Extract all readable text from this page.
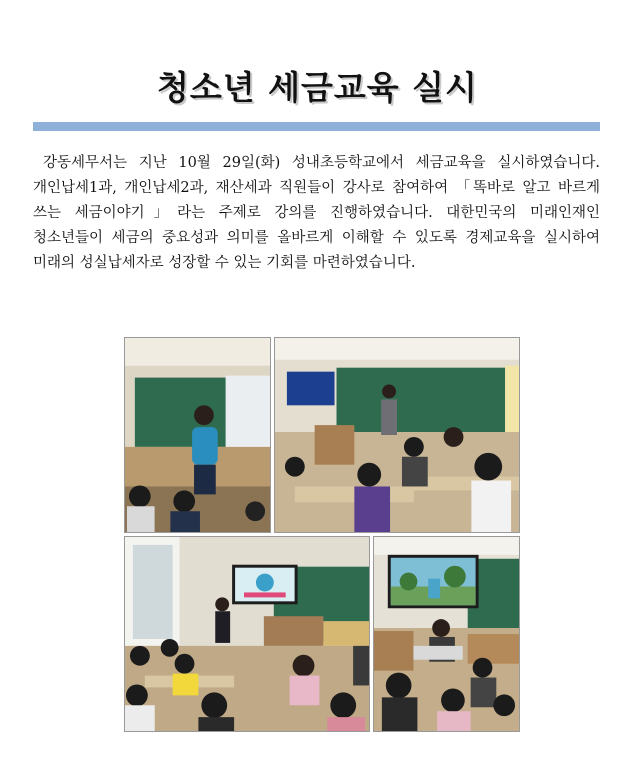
청소년 세금교육 실시
강동세무서는 지난 10월 29일(화) 성내초등학교에서 세금교육을 실시하였습니다. 개인납세1과, 개인납세2과, 재산세과 직원들이 강사로 참여하여 「똑바로 알고 바르게 쓰는 세금이야기」라는 주제로 강의를 진행하였습니다. 대한민국의 미래인재인 청소년들이 세금의 중요성과 의미를 올바르게 이해할 수 있도록 경제교육을 실시하여 미래의 성실납세자로 성장할 수 있는 기회를 마련하였습니다.
